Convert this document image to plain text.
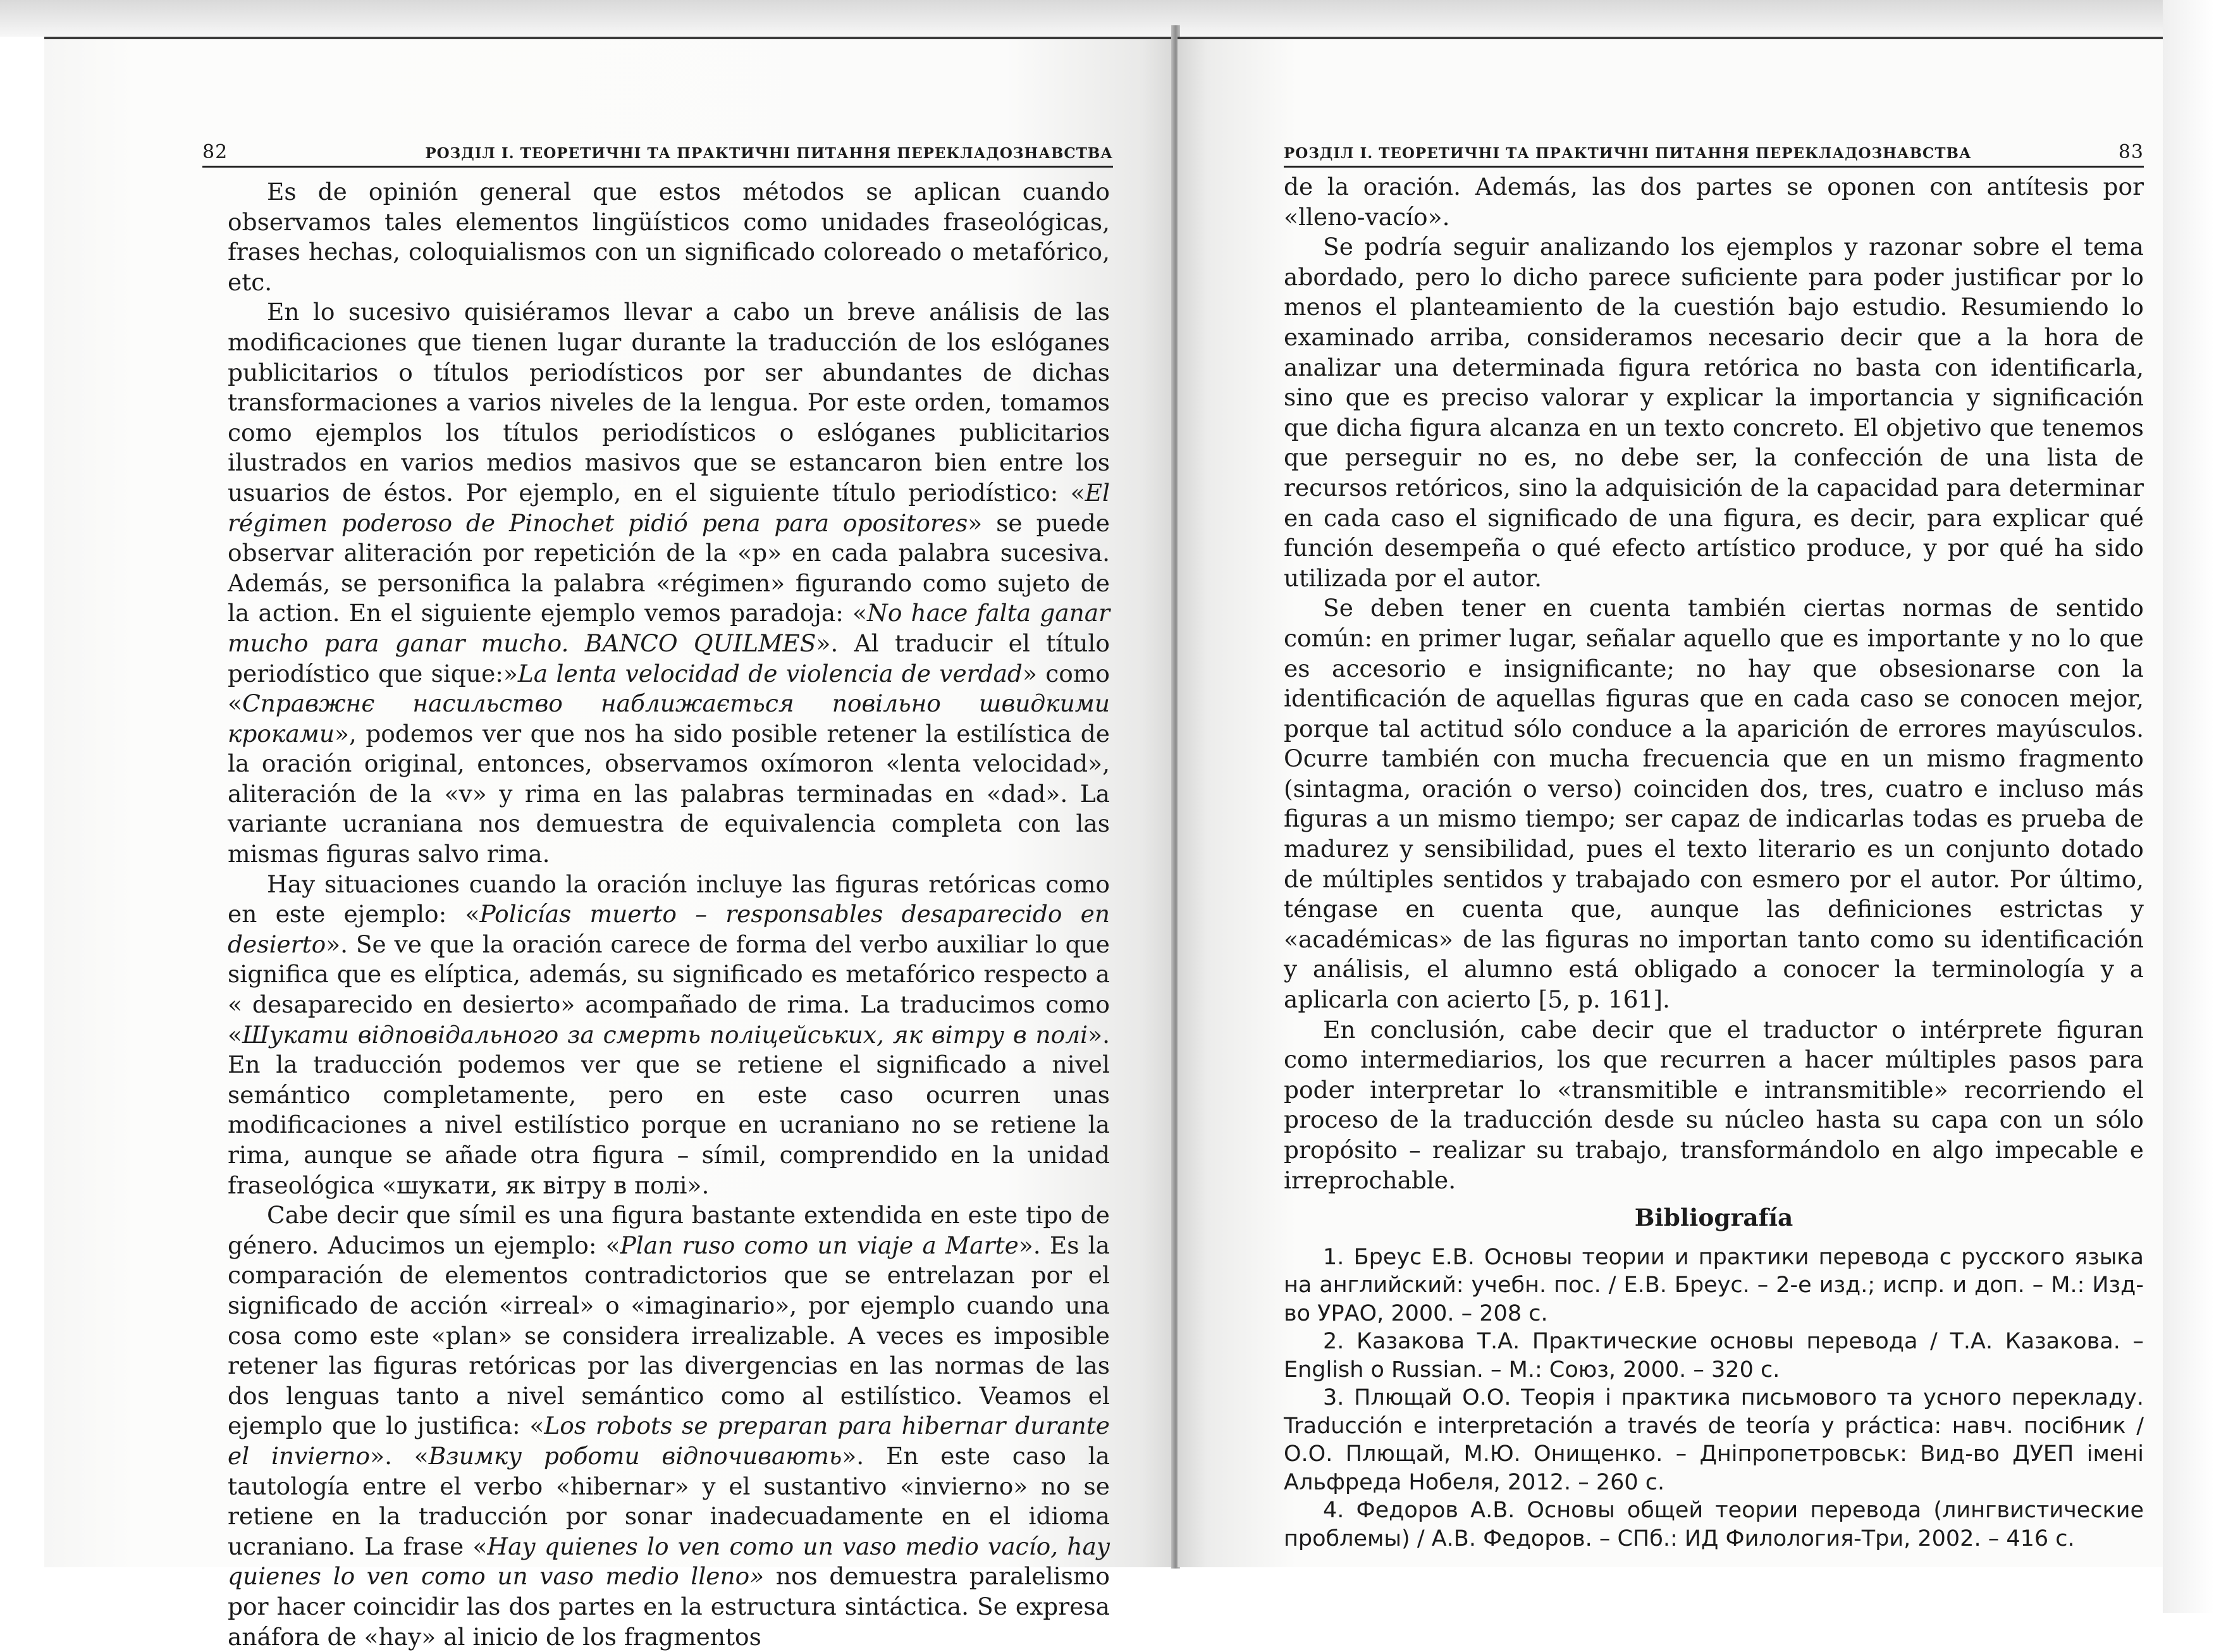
82	РОЗДІЛ І. ТЕОРЕТИЧНІ ТА ПРАКТИЧНІ ПИТАННЯ ПЕРЕКЛАДОЗНАВСТВА

Es de opinión general que estos métodos se aplican cuando observamos tales elementos lingüísticos como unidades fraseológicas, frases hechas, coloquialismos con un significado coloreado o metafórico, etc.

En lo sucesivo quisiéramos llevar a cabo un breve análisis de las modificaciones que tienen lugar durante la traducción de los eslóganes publicitarios o títulos periodísticos por ser abundantes de dichas transformaciones a varios niveles de la lengua. Por este orden, tomamos como ejemplos los títulos periodísticos o eslóganes publicitarios ilustrados en varios medios masivos que se estancaron bien entre los usuarios de éstos. Por ejemplo, en el siguiente título periodístico: «El régimen poderoso de Pinochet pidió pena para opositores» se puede observar aliteración por repetición de la «p» en cada palabra sucesiva. Además, se personifica la palabra «régimen» figurando como sujeto de la action. En el siguiente ejemplo vemos paradoja: «No hace falta ganar mucho para ganar mucho. BANCO QUILMES». Al traducir el título periodístico que sique:»La lenta velocidad de violencia de verdad» como «Справжнє насильство наближається повільно швидкими кроками», podemos ver que nos ha sido posible retener la estilística de la oración original, entonces, observamos oxímoron «lenta velocidad», aliteración de la «v» y rima en las palabras terminadas en «dad». La variante ucraniana nos demuestra de equivalencia completa con las mismas figuras salvo rima.

Hay situaciones cuando la oración incluye las figuras retóricas como en este ejemplo: «Policías muerto – responsables desaparecido en desierto». Se ve que la oración carece de forma del verbo auxiliar lo que significa que es elíptica, además, su significado es metafórico respecto a « desaparecido en desierto» acompañado de rima. La traducimos como «Шукати відповідального за смерть поліцейських, як вітру в полі». En la traducción podemos ver que se retiene el significado a nivel semántico completamente, pero en este caso ocurren unas modificaciones a nivel estilístico porque en ucraniano no se retiene la rima, aunque se añade otra figura – símil, comprendido en la unidad fraseológica «шукати, як вітру в полі».

Cabe decir que símil es una figura bastante extendida en este tipo de género. Aducimos un ejemplo: «Plan ruso como un viaje a Marte». Es la comparación de elementos contradictorios que se entrelazan por el significado de acción «irreal» o «imaginario», por ejemplo cuando una cosa como este «plan» se considera irrealizable. A veces es imposible retener las figuras retóricas por las divergencias en las normas de las dos lenguas tanto a nivel semántico como al estilístico. Veamos el ejemplo que lo justifica: «Los robots se preparan para hibernar durante el invierno». «Взимку роботи відпочивають». En este caso la tautología entre el verbo «hibernar» y el sustantivo «invierno» no se retiene en la traducción por sonar inadecuadamente en el idioma ucraniano. La frase «Hay quienes lo ven como un vaso medio vacío, hay quienes lo ven como un vaso medio lleno» nos demuestra paralelismo por hacer coincidir las dos partes en la estructura sintáctica. Se expresa anáfora de «hay» al inicio de los fragmentos

РОЗДІЛ І. ТЕОРЕТИЧНІ ТА ПРАКТИЧНІ ПИТАННЯ ПЕРЕКЛАДОЗНАВСТВА	83

de la oración. Además, las dos partes se oponen con antítesis por «lleno-vacío».

Se podría seguir analizando los ejemplos y razonar sobre el tema abordado, pero lo dicho parece suficiente para poder justificar por lo menos el planteamiento de la cuestión bajo estudio. Resumiendo lo examinado arriba, consideramos necesario decir que a la hora de analizar una determinada figura retórica no basta con identificarla, sino que es preciso valorar y explicar la importancia y significación que dicha figura alcanza en un texto concreto. El objetivo que tenemos que perseguir no es, no debe ser, la confección de una lista de recursos retóricos, sino la adquisición de la capacidad para determinar en cada caso el significado de una figura, es decir, para explicar qué función desempeña o qué efecto artístico produce, y por qué ha sido utilizada por el autor.

Se deben tener en cuenta también ciertas normas de sentido común: en primer lugar, señalar aquello que es importante y no lo que es accesorio e insignificante; no hay que obsesionarse con la identificación de aquellas figuras que en cada caso se conocen mejor, porque tal actitud sólo conduce a la aparición de errores mayúsculos. Ocurre también con mucha frecuencia que en un mismo fragmento (sintagma, oración o verso) coinciden dos, tres, cuatro e incluso más figuras a un mismo tiempo; ser capaz de indicarlas todas es prueba de madurez y sensibilidad, pues el texto literario es un conjunto dotado de múltiples sentidos y trabajado con esmero por el autor. Por último, téngase en cuenta que, aunque las definiciones estrictas y «académicas» de las figuras no importan tanto como su identificación y análisis, el alumno está obligado a conocer la terminología y a aplicarla con acierto [5, p. 161].

En conclusión, cabe decir que el traductor o intérprete figuran como intermediarios, los que recurren a hacer múltiples pasos para poder interpretar lo «transmitible e intransmitible» recorriendo el proceso de la traducción desde su núcleo hasta su capa con un sólo propósito – realizar su trabajo, transformándolo en algo impecable e irreprochable.

Bibliografía

1. Бреус Е.В. Основы теории и практики перевода с русского языка на английский: учебн. пос. / Е.В. Бреус. – 2-е изд.; испр. и доп. – М.: Изд-во УРАО, 2000. – 208 с.

2. Казакова Т.А. Практические основы перевода / Т.А. Казакова. – English o Russian. – М.: Союз, 2000. – 320 с.

3. Плющай О.О. Теорія і практика письмового та усного перекладу. Traducción e interpretación a través de teoría y práctica: навч. посібник / О.О. Плющай, М.Ю. Онищенко. – Дніпропетровськ: Вид-во ДУЕП імені Альфреда Нобеля, 2012. – 260 с.

4. Федоров А.В. Основы общей теории перевода (лингвистические проблемы) / А.В. Федоров. – СПб.: ИД Филология-Три, 2002. – 416 с.
